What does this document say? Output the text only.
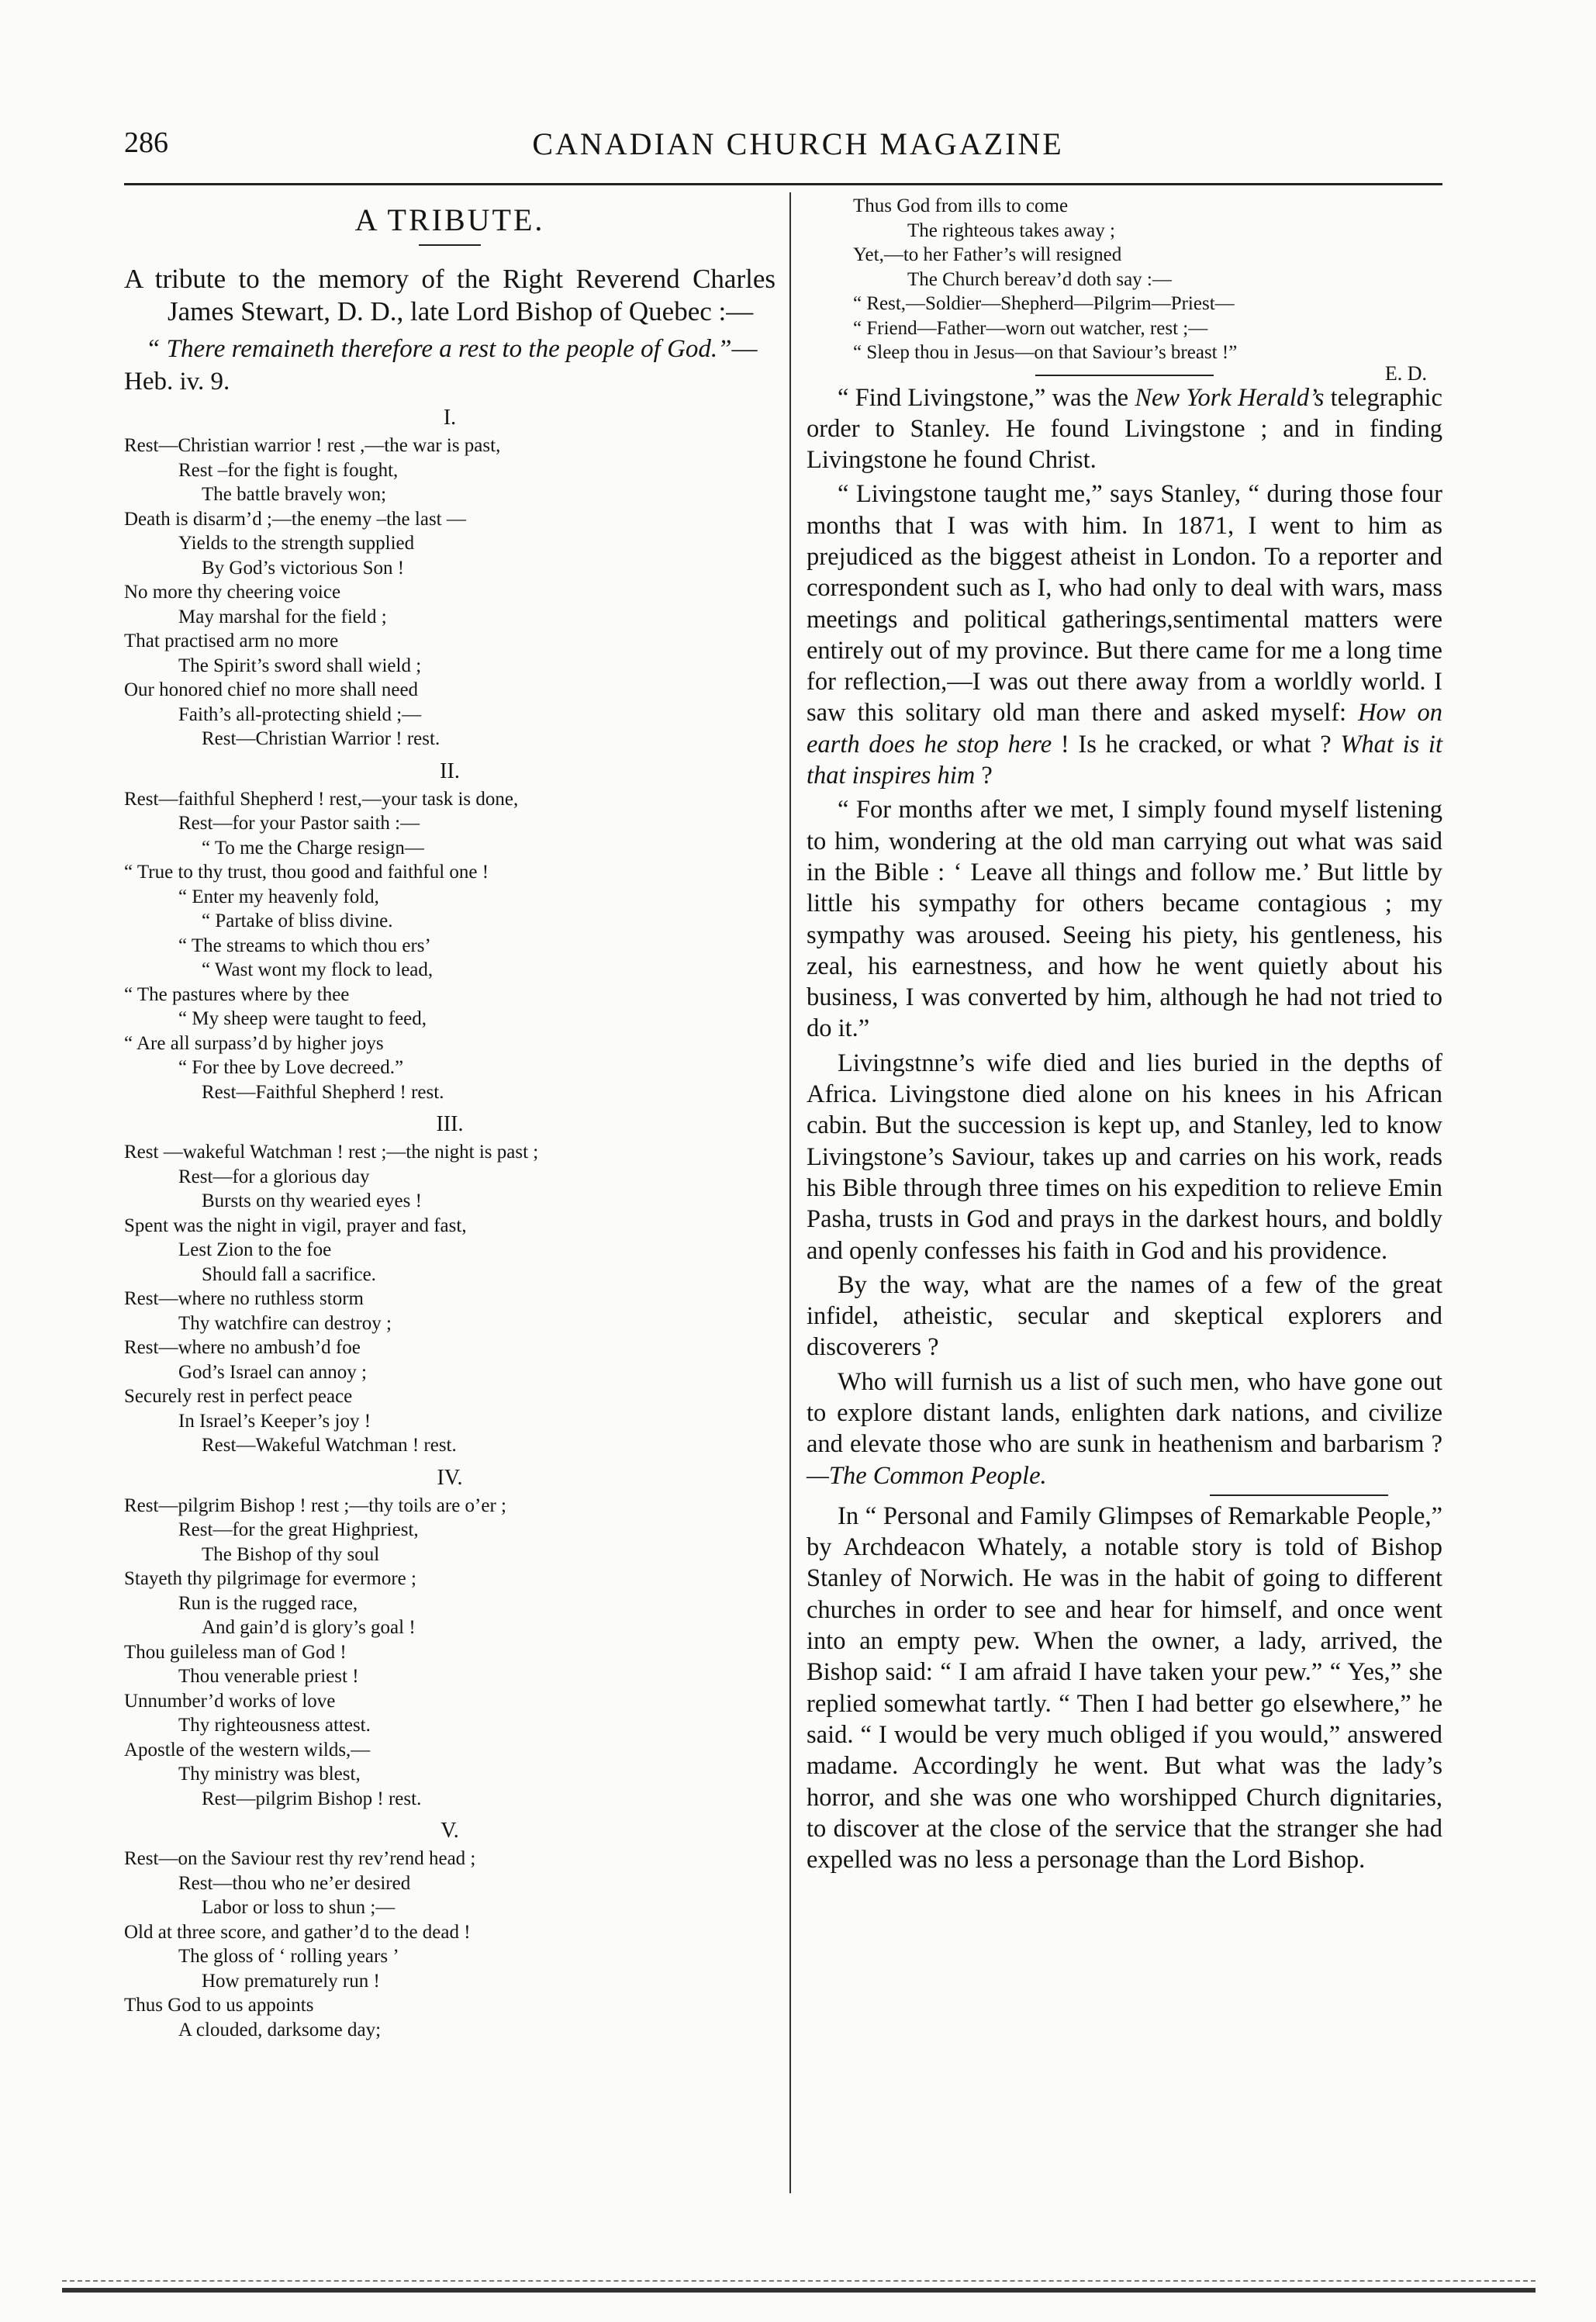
286	CANADIAN CHURCH MAGAZINE
A TRIBUTE.

A tribute to the memory of the Right Reverend Charles James Stewart, D. D., late Lord Bishop of Quebec :—

“ There remaineth therefore a rest to the people of God.”—Heb. iv. 9.

I.
Rest—Christian warrior ! rest ,—the war is past,
Rest –for the fight is fought,
The battle bravely won;
Death is disarm’d ;—the enemy –the last —
Yields to the strength supplied
By God’s victorious Son !
No more thy cheering voice
May marshal for the field ;
That practised arm no more
The Spirit’s sword shall wield ;
Our honored chief no more shall need
Faith’s all-protecting shield ;—
Rest—Christian Warrior ! rest.
II.
Rest—faithful Shepherd ! rest,—your task is done,
Rest—for your Pastor saith :—
“ To me the Charge resign—
“ True to thy trust, thou good and faithful one !
“ Enter my heavenly fold,
“ Partake of bliss divine.
“ The streams to which thou ers’
“ Wast wont my flock to lead,
“ The pastures where by thee
“ My sheep were taught to feed,
“ Are all surpass’d by higher joys
“ For thee by Love decreed.”
Rest—Faithful Shepherd ! rest.
III.
Rest —wakeful Watchman ! rest ;—the night is past ;
Rest—for a glorious day
Bursts on thy wearied eyes !
Spent was the night in vigil, prayer and fast,
Lest Zion to the foe
Should fall a sacrifice.
Rest—where no ruthless storm
Thy watchfire can destroy ;
Rest—where no ambush’d foe
God’s Israel can annoy ;
Securely rest in perfect peace
In Israel’s Keeper’s joy !
Rest—Wakeful Watchman ! rest.
IV.
Rest—pilgrim Bishop ! rest ;—thy toils are o’er ;
Rest—for the great Highpriest,
The Bishop of thy soul
Stayeth thy pilgrimage for evermore ;
Run is the rugged race,
And gain’d is glory’s goal !
Thou guileless man of God !
Thou venerable priest !
Unnumber’d works of love
Thy righteousness attest.
Apostle of the western wilds,—
Thy ministry was blest,
Rest—pilgrim Bishop ! rest.
V.
Rest—on the Saviour rest thy rev’rend head ;
Rest—thou who ne’er desired
Labor or loss to shun ;—
Old at three score, and gather’d to the dead !
The gloss of ‘ rolling years ’
How prematurely run !
Thus God to us appoints
A clouded, darksome day;
Thus God from ills to come
The righteous takes away ;
Yet,—to her Father’s will resigned
The Church bereav’d doth say :—
“ Rest,—Soldier—Shepherd—Pilgrim—Priest—
“ Friend—Father—worn out watcher, rest ;—
“ Sleep thou in Jesus—on that Saviour’s breast !”
E. D.

“ Find Livingstone,” was the New York Herald’s telegraphic order to Stanley. He found Livingstone ; and in finding Livingstone he found Christ.

“ Livingstone taught me,” says Stanley, “ during those four months that I was with him. In 1871, I went to him as prejudiced as the biggest atheist in London. To a reporter and correspondent such as I, who had only to deal with wars, mass meetings and political gatherings,sentimental matters were entirely out of my province. But there came for me a long time for reflection,—I was out there away from a worldly world. I saw this solitary old man there and asked myself: How on earth does he stop here ! Is he cracked, or what ? What is it that inspires him ?

“ For months after we met, I simply found myself listening to him, wondering at the old man carrying out what was said in the Bible : ‘ Leave all things and follow me.’ But little by little his sympathy for others became contagious ; my sympathy was aroused. Seeing his piety, his gentleness, his zeal, his earnestness, and how he went quietly about his business, I was converted by him, although he had not tried to do it.”

Livingstnne’s wife died and lies buried in the depths of Africa. Livingstone died alone on his knees in his African cabin. But the succession is kept up, and Stanley, led to know Livingstone’s Saviour, takes up and carries on his work, reads his Bible through three times on his expedition to relieve Emin Pasha, trusts in God and prays in the darkest hours, and boldly and openly confesses his faith in God and his providence.

By the way, what are the names of a few of the great infidel, atheistic, secular and skeptical explorers and discoverers ?

Who will furnish us a list of such men, who have gone out to explore distant lands, enlighten dark nations, and civilize and elevate those who are sunk in heathenism and barbarism ?—The Common People.

In “ Personal and Family Glimpses of Remarkable People,” by Archdeacon Whately, a notable story is told of Bishop Stanley of Norwich. He was in the habit of going to different churches in order to see and hear for himself, and once went into an empty pew. When the owner, a lady, arrived, the Bishop said: “ I am afraid I have taken your pew.” “ Yes,” she replied somewhat tartly. “ Then I had better go elsewhere,” he said. “ I would be very much obliged if you would,” answered madame. Accordingly he went. But what was the lady’s horror, and she was one who worshipped Church dignitaries, to discover at the close of the service that the stranger she had expelled was no less a personage than the Lord Bishop.
